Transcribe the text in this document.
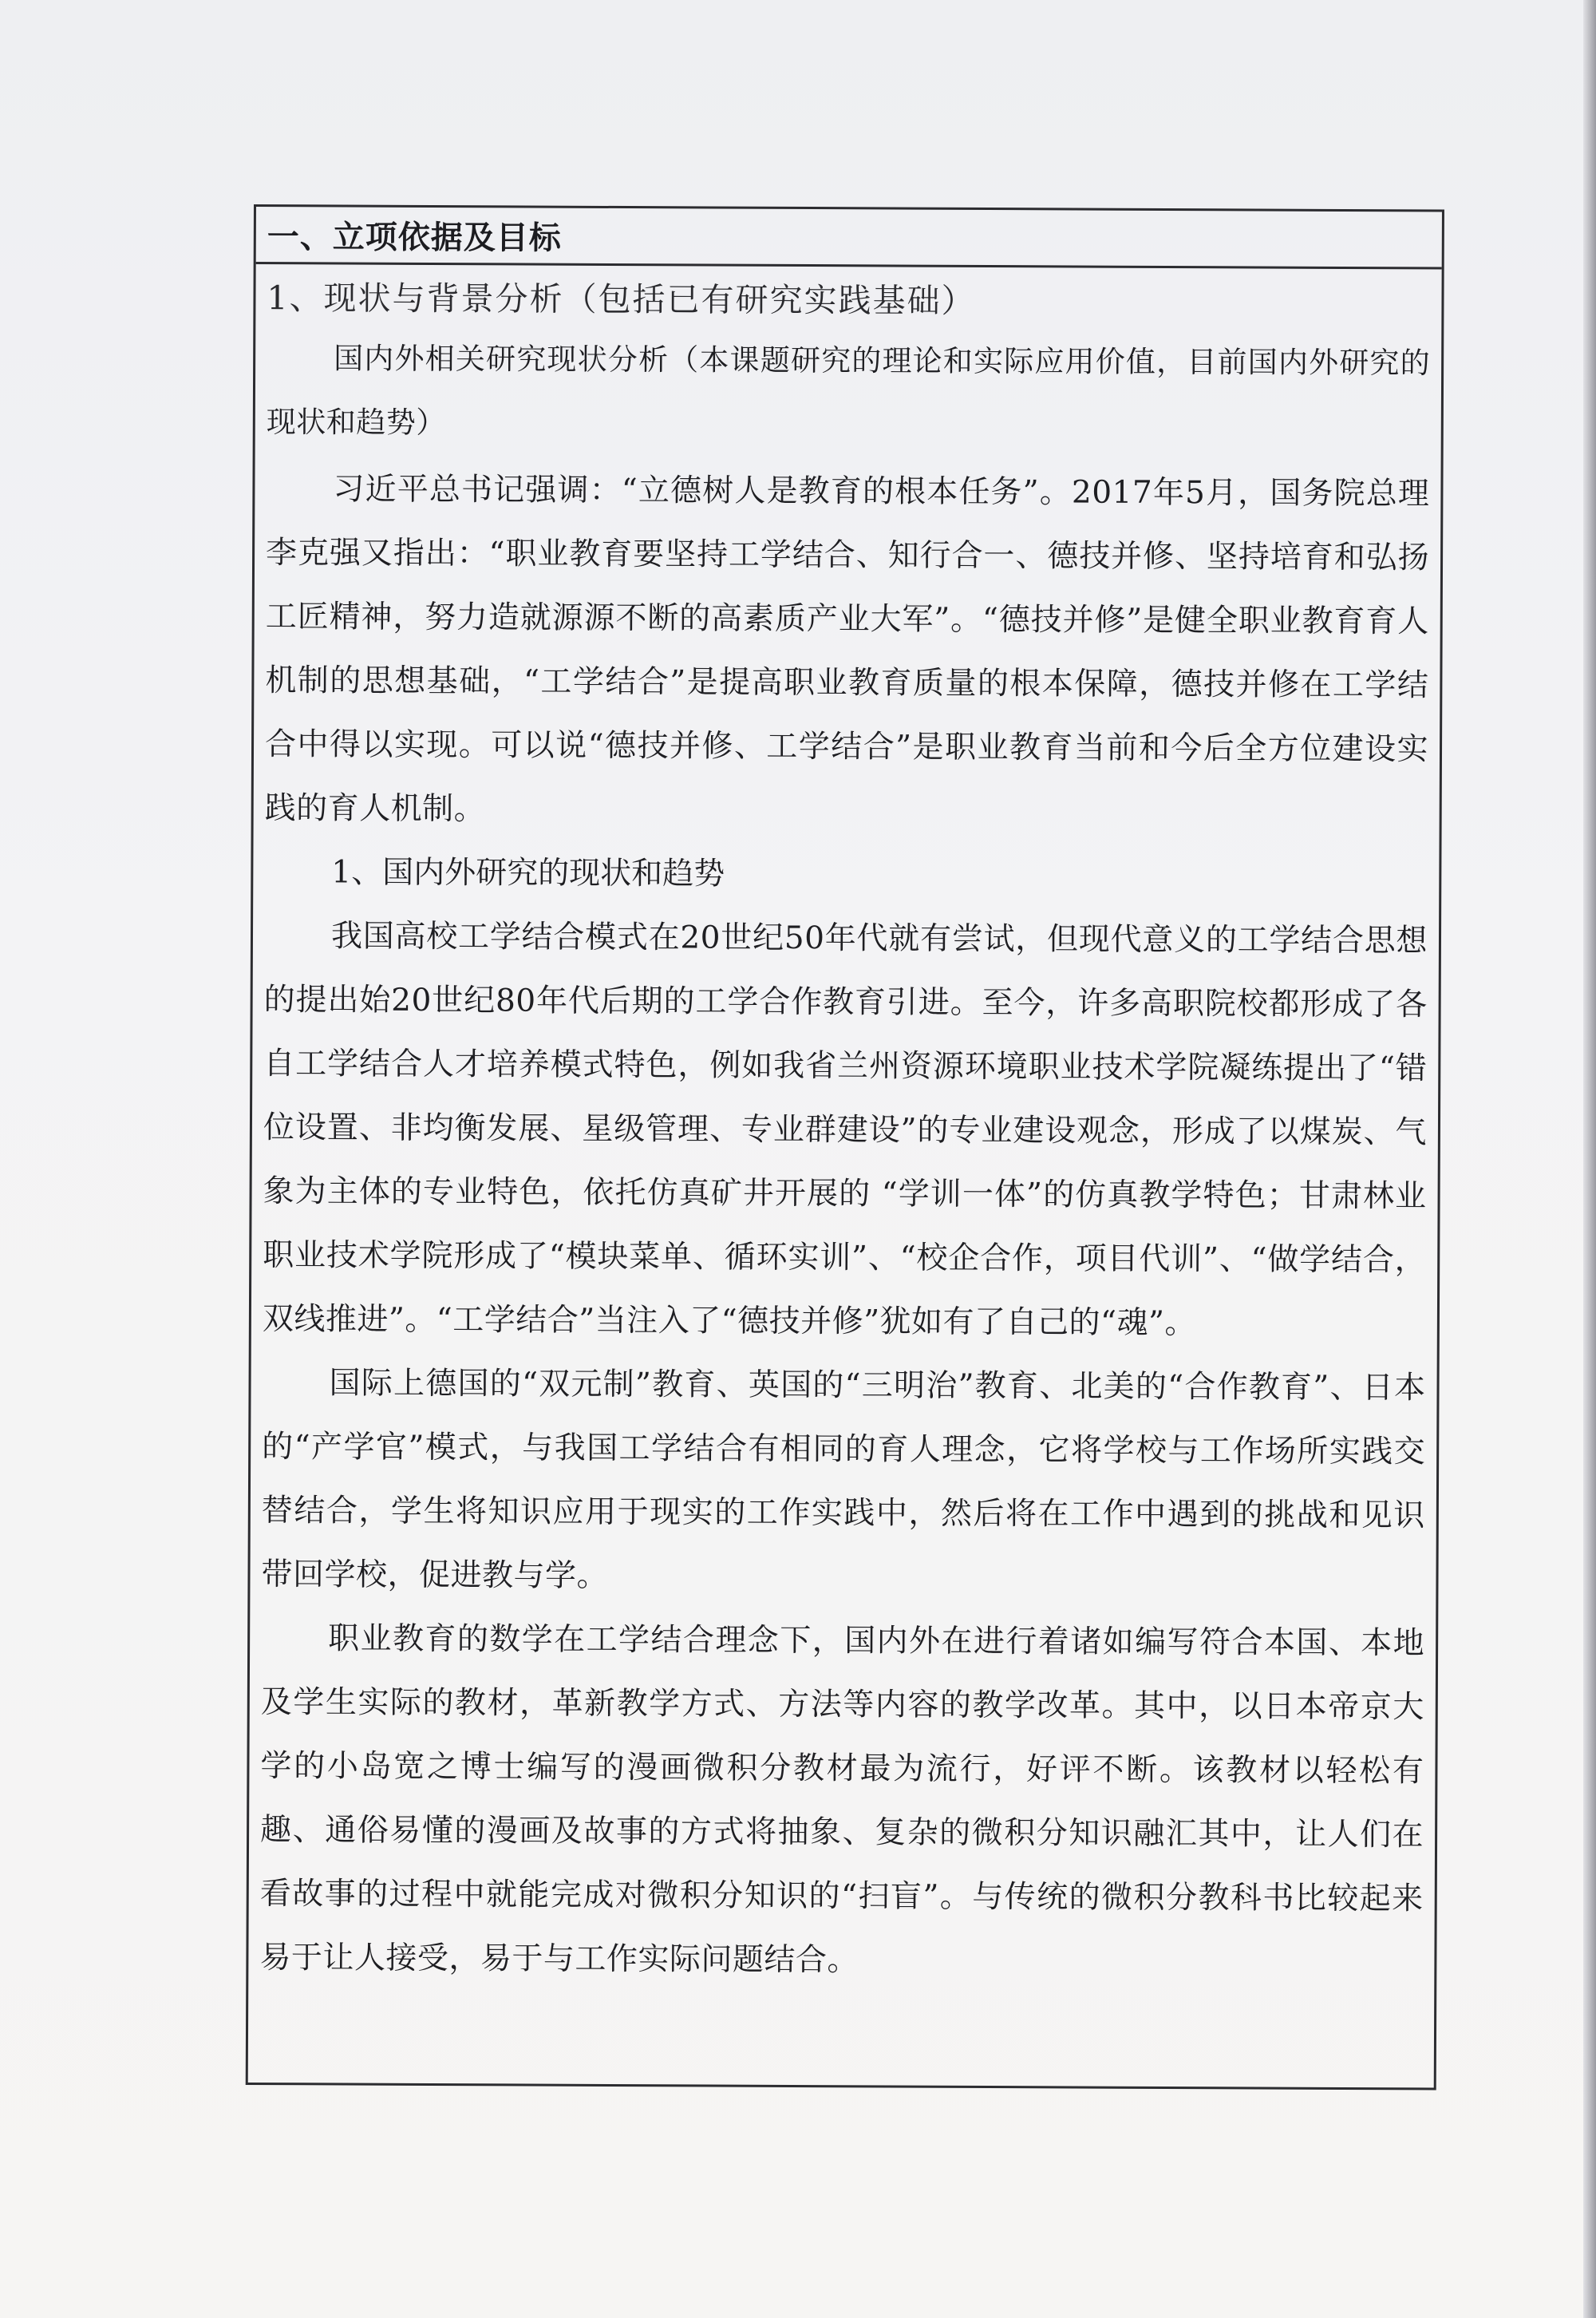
一、立项依据及目标
1、现状与背景分析（包括已有研究实践基础）

国内外相关研究现状分析（本课题研究的理论和实际应用价值，目前国内外研究的现状和趋势）

习近平总书记强调：“立德树人是教育的根本任务”。2017年5月，国务院总理李克强又指出：“职业教育要坚持工学结合、知行合一、德技并修、坚持培育和弘扬工匠精神，努力造就源源不断的高素质产业大军”。“德技并修”是健全职业教育育人机制的思想基础，“工学结合”是提高职业教育质量的根本保障，德技并修在工学结合中得以实现。可以说“德技并修、工学结合”是职业教育当前和今后全方位建设实践的育人机制。

1、国内外研究的现状和趋势

我国高校工学结合模式在20世纪50年代就有尝试，但现代意义的工学结合思想的提出始20世纪80年代后期的工学合作教育引进。至今，许多高职院校都形成了各自工学结合人才培养模式特色，例如我省兰州资源环境职业技术学院凝练提出了“错位设置、非均衡发展、星级管理、专业群建设”的专业建设观念，形成了以煤炭、气象为主体的专业特色，依托仿真矿井开展的 “学训一体”的仿真教学特色；甘肃林业职业技术学院形成了“模块菜单、循环实训”、“校企合作，项目代训”、“做学结合，双线推进”。“工学结合”当注入了“德技并修”犹如有了自己的“魂”。

国际上德国的“双元制”教育、英国的“三明治”教育、北美的“合作教育”、日本的“产学官”模式，与我国工学结合有相同的育人理念，它将学校与工作场所实践交替结合，学生将知识应用于现实的工作实践中，然后将在工作中遇到的挑战和见识带回学校，促进教与学。

职业教育的数学在工学结合理念下，国内外在进行着诸如编写符合本国、本地及学生实际的教材，革新教学方式、方法等内容的教学改革。其中，以日本帝京大学的小岛宽之博士编写的漫画微积分教材最为流行，好评不断。该教材以轻松有趣、通俗易懂的漫画及故事的方式将抽象、复杂的微积分知识融汇其中，让人们在看故事的过程中就能完成对微积分知识的“扫盲”。与传统的微积分教科书比较起来易于让人接受，易于与工作实际问题结合。
